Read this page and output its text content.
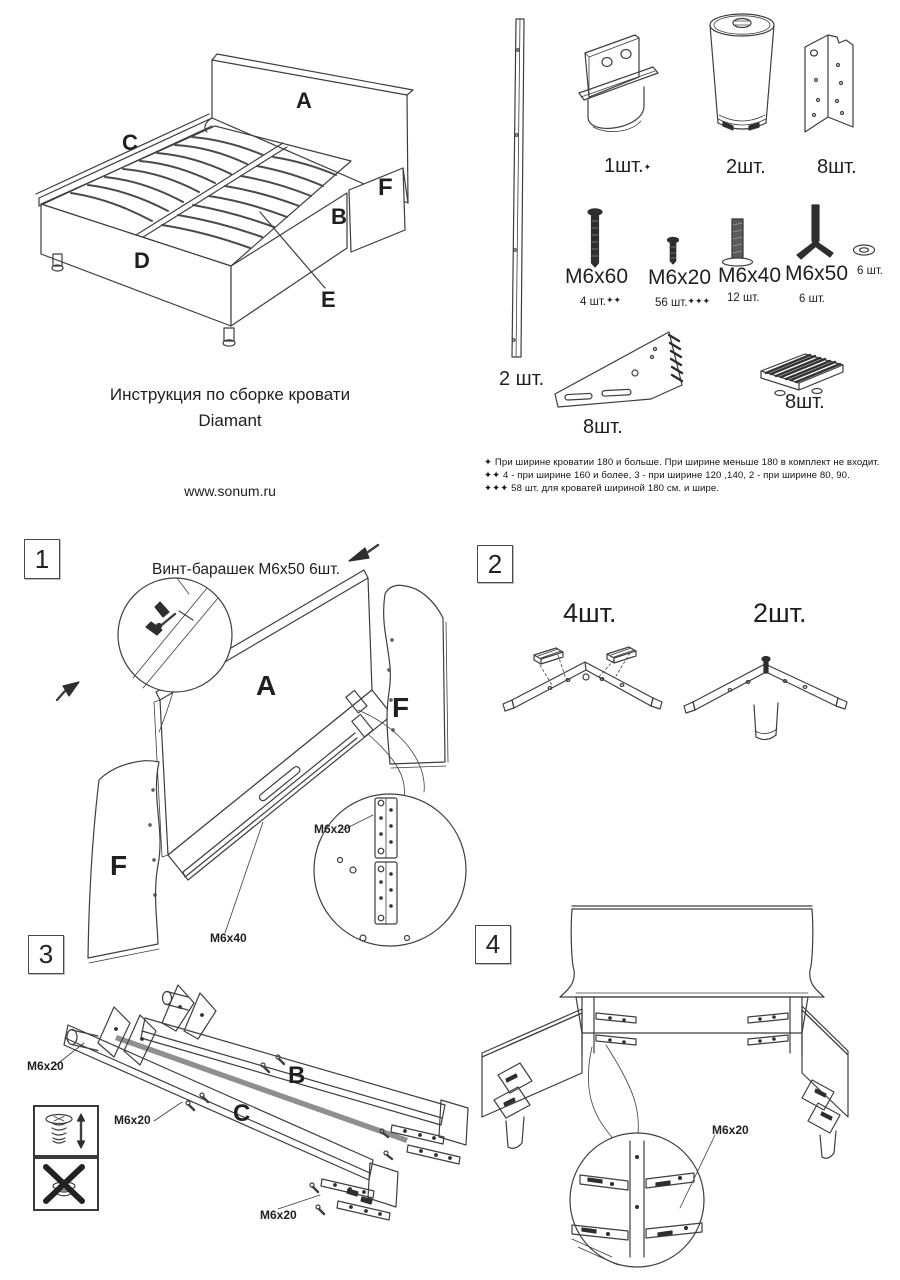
A
C
F
B
D
E
Инструкция по сборке кровати
Diamant
www.sonum.ru
2 шт.
1шт.✦	2шт.	8шт.
M6x60
4 шт.✦✦
M6x20
56 шт.✦✦✦
M6x40
12 шт.
M6x50
6 шт.
6 шт.
8шт.
8шт.
✦ При ширине кроватии 180 и больше. При ширине меньше 180 в комплект не входит.
✦✦ 4 - при ширине 160 и более, 3 - при ширине 120 ,140, 2 - при ширине 80, 90.
✦✦✦ 58 шт. для кроватей шириной 180 см. и шире.
1	Винт-барашек М6х50 6шт.
A
F
F
M6x20
M6x40
2
4шт.	2шт.
3
M6x20	B
M6x20	C
M6x20
4
M6x20
